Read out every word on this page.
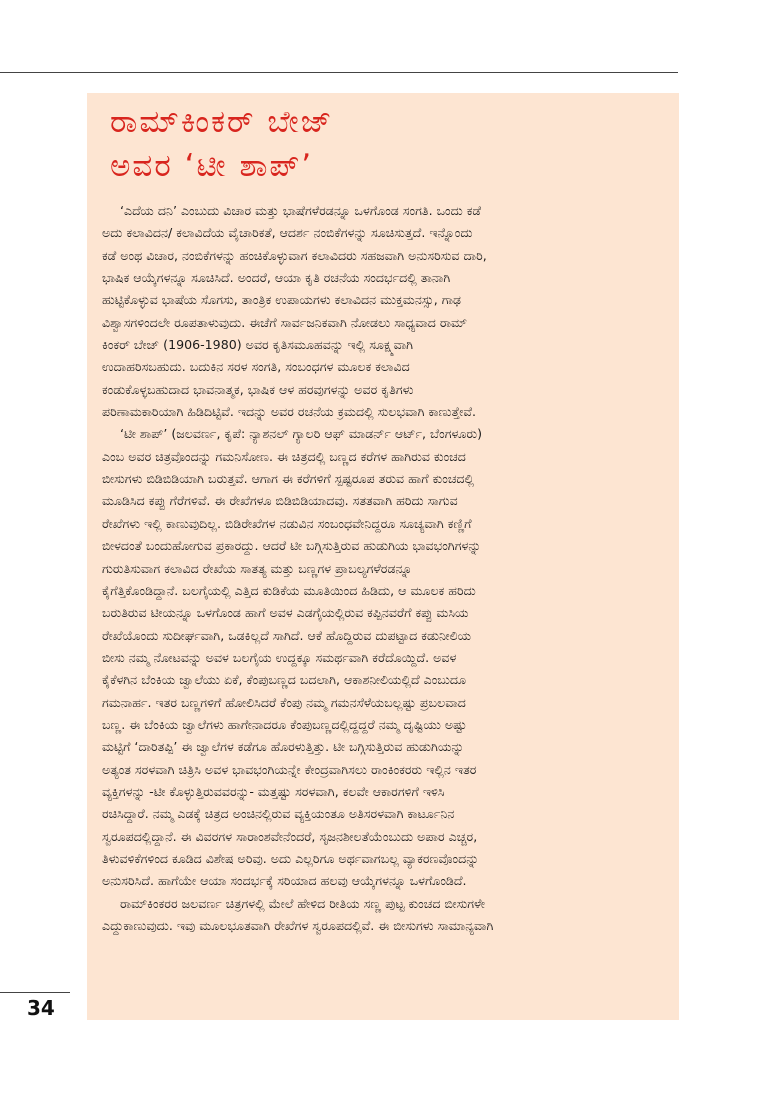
ರಾಮ್‌ಕಿಂಕರ್ ಬೇಜ್
ಅವರ ‘ಟೀ ಶಾಪ್’
‘ಎದೆಯ ದನಿ’ ಎಂಬುದು ವಿಚಾರ ಮತ್ತು ಭಾಷೆಗಳೆರಡನ್ನೂ ಒಳಗೊಂಡ ಸಂಗತಿ. ಒಂದು ಕಡೆ
ಅದು ಕಲಾವಿದನ/ ಕಲಾವಿದೆಯ ವೈಚಾರಿಕತೆ, ಆದರ್ಶ ನಂಬಿಕೆಗಳನ್ನು ಸೂಚಿಸುತ್ತದೆ. ಇನ್ನೊಂದು
ಕಡೆ ಅಂಥ ವಿಚಾರ, ನಂಬಿಕೆಗಳನ್ನು ಹಂಚಿಕೊಳ್ಳುವಾಗ ಕಲಾವಿದರು ಸಹಜವಾಗಿ ಅನುಸರಿಸುವ ದಾರಿ,
ಭಾಷಿಕ ಆಯ್ಕೆಗಳನ್ನೂ ಸೂಚಿಸಿದೆ. ಅಂದರೆ, ಆಯಾ ಕೃತಿ ರಚನೆಯ ಸಂದರ್ಭದಲ್ಲಿ ತಾನಾಗಿ
ಹುಟ್ಟಿಕೊಳ್ಳುವ ಭಾಷೆಯ ಸೊಗಸು, ತಾಂತ್ರಿಕ ಉಪಾಯಗಳು ಕಲಾವಿದನ ಮುಕ್ತಮನಸ್ಸು, ಗಾಢ
ವಿಶ್ವಾಸಗಳಿಂದಲೇ ರೂಪತಾಳುವುದು. ಈಚೆಗೆ ಸಾರ್ವಜನಿಕವಾಗಿ ನೋಡಲು ಸಾಧ್ಯವಾದ ರಾಮ್
ಕಿಂಕರ್ ಬೇಜ್ (1906-1980) ಅವರ ಕೃತಿಸಮೂಹವನ್ನು ಇಲ್ಲಿ ಸೂಕ್ಷ್ಮವಾಗಿ
ಉದಾಹರಿಸಬಹುದು. ಬದುಕಿನ ಸರಳ ಸಂಗತಿ, ಸಂಬಂಧಗಳ ಮೂಲಕ ಕಲಾವಿದ
ಕಂಡುಕೊಳ್ಳಬಹುದಾದ ಭಾವನಾತ್ಮಕ, ಭಾಷಿಕ ಆಳ ಹರವುಗಳನ್ನು ಅವರ ಕೃತಿಗಳು
ಪರಿಣಾಮಕಾರಿಯಾಗಿ ಹಿಡಿದಿಟ್ಟಿವೆ. ಇದನ್ನು ಅವರ ರಚನೆಯ ಕ್ರಮದಲ್ಲಿ ಸುಲಭವಾಗಿ ಕಾಣುತ್ತೇವೆ.
‘ಟೀ ಶಾಪ್’ (ಜಲವರ್ಣ, ಕೃಪೆ: ನ್ಯಾಶನಲ್ ಗ್ಯಾಲರಿ ಆಫ್ ಮಾಡರ್ನ್ ಆರ್ಟ್, ಬೆಂಗಳೂರು)
ಎಂಬ ಅವರ ಚಿತ್ರವೊಂದನ್ನು ಗಮನಿಸೋಣ. ಈ ಚಿತ್ರದಲ್ಲಿ ಬಣ್ಣದ ಕರೆಗಳ ಹಾಗಿರುವ ಕುಂಚದ
ಬೀಸುಗಳು ಬಿಡಿಬಿಡಿಯಾಗಿ ಬರುತ್ತವೆ. ಆಗಾಗ ಈ ಕರೆಗಳಿಗೆ ಸ್ಪಷ್ಟರೂಪ ತರುವ ಹಾಗೆ ಕುಂಚದಲ್ಲಿ
ಮೂಡಿಸಿದ ಕಪ್ಪು ಗೆರೆಗಳಿವೆ. ಈ ರೇಖೆಗಳೂ ಬಿಡಿಬಿಡಿಯಾದವು. ಸತತವಾಗಿ ಹರಿದು ಸಾಗುವ
ರೇಖೆಗಳು ಇಲ್ಲಿ ಕಾಣುವುದಿಲ್ಲ. ಬಿಡಿರೇಖೆಗಳ ನಡುವಿನ ಸಂಬಂಧವೇನಿದ್ದರೂ ಸೂಚ್ಯವಾಗಿ ಕಣ್ಣಿಗೆ
ಬೀಳದಂತೆ ಬಂದುಹೋಗುವ ಪ್ರಕಾರದ್ದು. ಆದರೆ ಟೀ ಬಗ್ಗಿಸುತ್ತಿರುವ ಹುಡುಗಿಯ ಭಾವಭಂಗಿಗಳನ್ನು
ಗುರುತಿಸುವಾಗ ಕಲಾವಿದ ರೇಖೆಯ ಸಾತತ್ಯ ಮತ್ತು ಬಣ್ಣಗಳ ಪ್ರಾಬಲ್ಯಗಳೆರಡನ್ನೂ
ಕೈಗೆತ್ತಿಕೊಂಡಿದ್ದಾನೆ. ಬಲಗೈಯಲ್ಲಿ ಎತ್ತಿದ ಕುಡಿಕೆಯ ಮೂತಿಯಿಂದ ಹಿಡಿದು, ಆ ಮೂಲಕ ಹರಿದು
ಬರುತಿರುವ ಟೀಯನ್ನೂ ಒಳಗೊಂಡ ಹಾಗೆ ಅವಳ ಎಡಗೈಯಲ್ಲಿರುವ ಕಪ್ಪಿನವರೆಗೆ ಕಪ್ಪು ಮಸಿಯ
ರೇಖೆಯೊಂದು ಸುದೀರ್ಘವಾಗಿ, ಒಡಕಿಲ್ಲದೆ ಸಾಗಿದೆ. ಆಕೆ ಹೊದ್ದಿರುವ ದುಪಟ್ಟಾದ ಕಡುನೀಲಿಯ
ಬೀಸು ನಮ್ಮ ನೋಟವನ್ನು ಅವಳ ಬಲಗೈಯ ಉದ್ದಕ್ಕೂ ಸಮರ್ಥವಾಗಿ ಕರೆದೊಯ್ದಿದೆ. ಅವಳ
ಕೈಕೆಳಗಿನ ಬೆಂಕಿಯ ಜ್ವಾಲೆಯು ಏಕೆ, ಕೆಂಪುಬಣ್ಣದ ಬದಲಾಗಿ, ಆಕಾಶನೀಲಿಯಲ್ಲಿದೆ ಎಂಬುದೂ
ಗಮನಾರ್ಹ. ಇತರ ಬಣ್ಣಗಳಿಗೆ ಹೋಲಿಸಿದರೆ ಕೆಂಪು ನಮ್ಮ ಗಮನಸೆಳೆಯಬಲ್ಲಷ್ಟು ಪ್ರಬಲವಾದ
ಬಣ್ಣ. ಈ ಬೆಂಕಿಯ ಜ್ವಾಲೆಗಳು ಹಾಗೇನಾದರೂ ಕೆಂಪುಬಣ್ಣದಲ್ಲಿದ್ದದ್ದರೆ ನಮ್ಮ ದೃಷ್ಟಿಯು ಅಷ್ಟು
ಮಟ್ಟಿಗೆ ‘ದಾರಿತಪ್ಪಿ’ ಈ ಜ್ವಾಲೆಗಳ ಕಡೆಗೂ ಹೊರಳುತ್ತಿತ್ತು. ಟೀ ಬಗ್ಗಿಸುತ್ತಿರುವ ಹುಡುಗಿಯನ್ನು
ಅತ್ಯಂತ ಸರಳವಾಗಿ ಚಿತ್ರಿಸಿ ಅವಳ ಭಾವಭಂಗಿಯನ್ನೇ ಕೇಂದ್ರವಾಗಿಸಲು ರಾಂಕಿಂಕರರು ಇಲ್ಲಿನ ಇತರ
ವ್ಯಕ್ತಿಗಳನ್ನು -ಟೀ ಕೊಳ್ಳುತ್ತಿರುವವರನ್ನು- ಮತ್ತಷ್ಟು ಸರಳವಾಗಿ, ಕಲವೇ ಆಕಾರಗಳಿಗೆ ಇಳಿಸಿ
ರಚಿಸಿದ್ದಾರೆ. ನಮ್ಮ ಎಡಕ್ಕೆ ಚಿತ್ರದ ಅಂಚಿನಲ್ಲಿರುವ ವ್ಯಕ್ತಿಯಂತೂ ಅತಿಸರಳವಾಗಿ ಕಾರ್ಟೂನಿನ
ಸ್ವರೂಪದಲ್ಲಿದ್ದಾನೆ. ಈ ವಿವರಗಳ ಸಾರಾಂಶವೇನೆಂದರೆ, ಸೃಜನಶೀಲತೆಯೆಂಬುದು ಅಪಾರ ಎಚ್ಚರ,
ತಿಳುವಳಿಕೆಗಳಿಂದ ಕೂಡಿದ ವಿಶೇಷ ಅರಿವು. ಅದು ಎಲ್ಲರಿಗೂ ಅರ್ಥವಾಗಬಲ್ಲ ವ್ಯಾಕರಣವೊಂದನ್ನು
ಅನುಸರಿಸಿದೆ. ಹಾಗೆಯೇ ಆಯಾ ಸಂದರ್ಭಕ್ಕೆ ಸರಿಯಾದ ಹಲವು ಆಯ್ಕೆಗಳನ್ನೂ ಒಳಗೊಂಡಿದೆ.
ರಾಮ್‌ಕಿಂಕರರ ಜಲವರ್ಣ ಚಿತ್ರಗಳಲ್ಲಿ ಮೇಲೆ ಹೇಳಿದ ರೀತಿಯ ಸಣ್ಣ ಪುಟ್ಟ ಕುಂಚದ ಬೀಸುಗಳೇ
ಎದ್ದುಕಾಣುವುದು. ಇವು ಮೂಲಭೂತವಾಗಿ ರೇಖೆಗಳ ಸ್ವರೂಪದಲ್ಲಿವೆ. ಈ ಬೀಸುಗಳು ಸಾಮಾನ್ಯವಾಗಿ
34
